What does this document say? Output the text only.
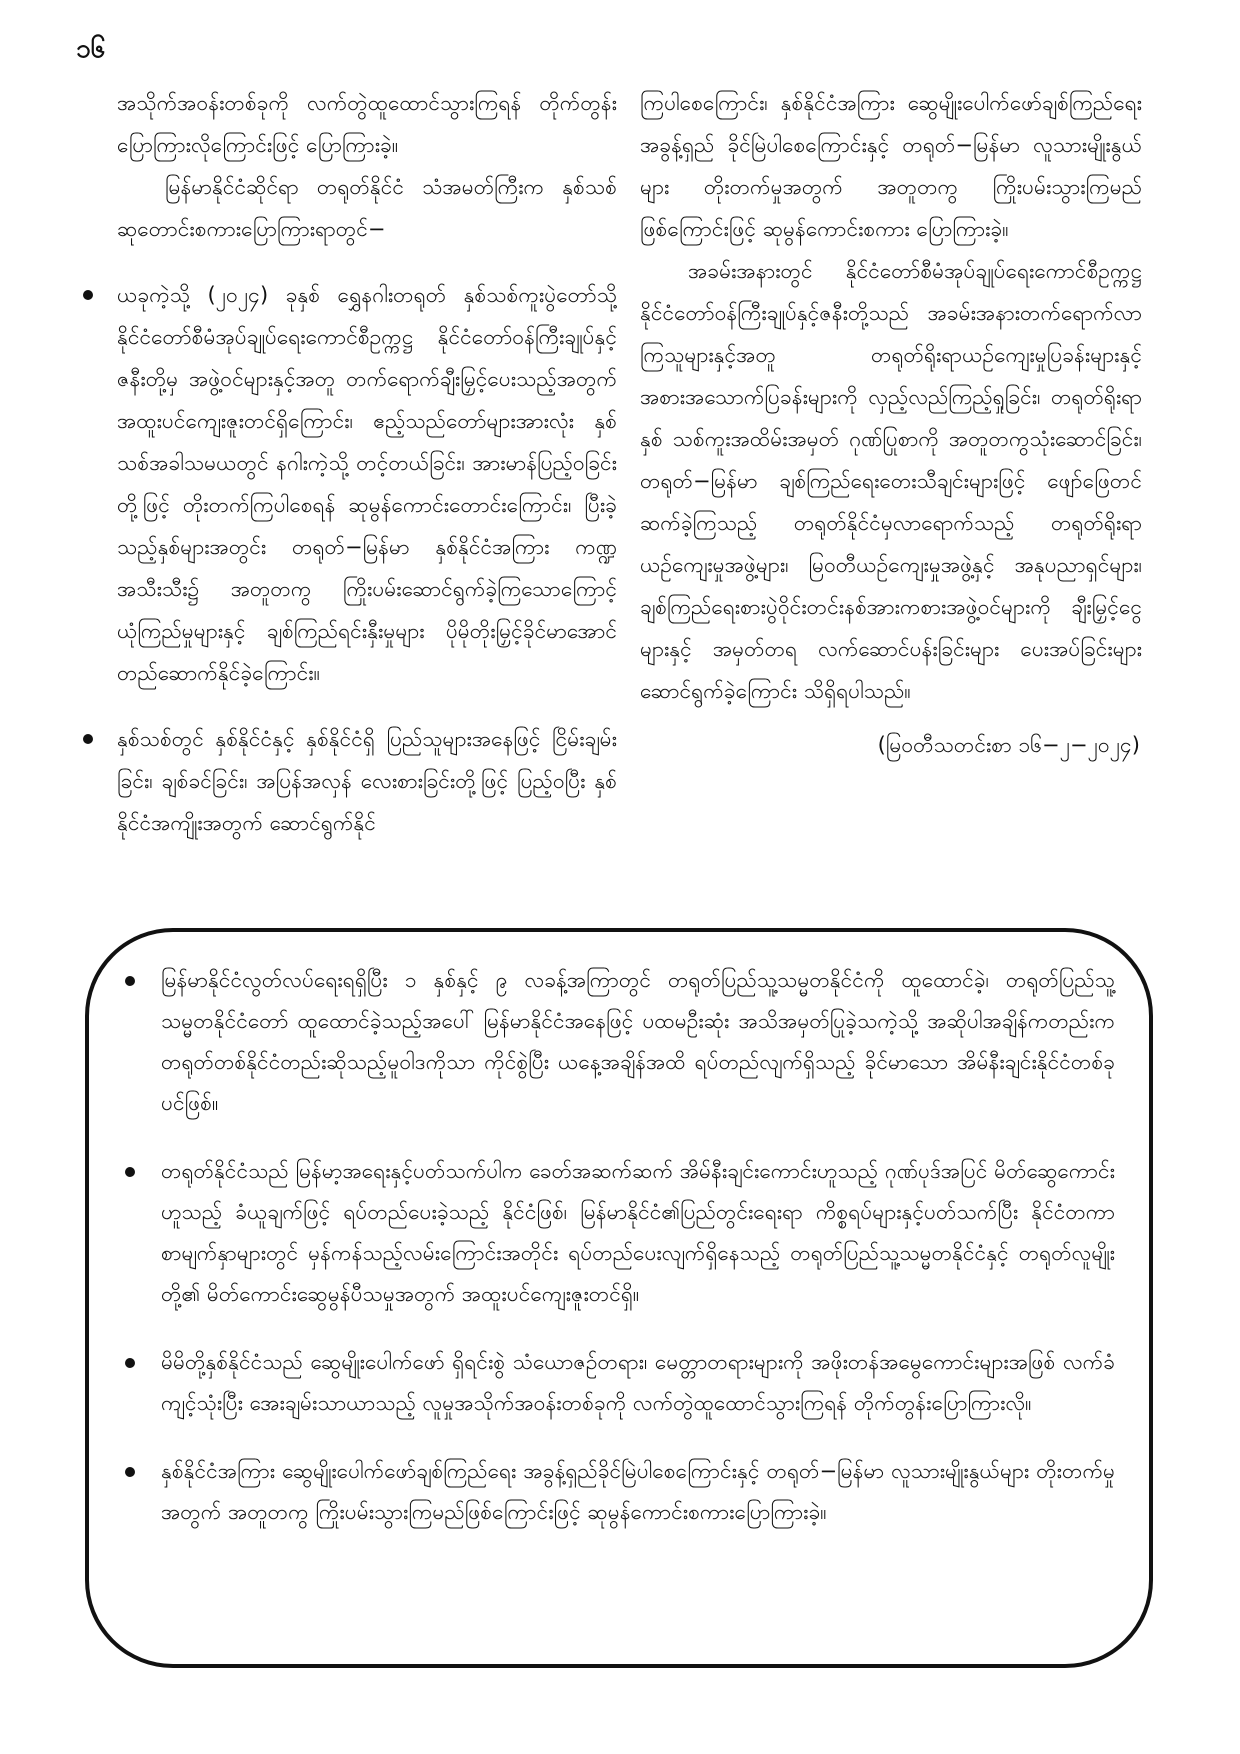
၁၆

အသိုက်အဝန်းတစ်ခုကို လက်တွဲထူထောင်သွားကြရန် တိုက်တွန်းပြောကြားလိုကြောင်းဖြင့် ပြောကြားခဲ့။

မြန်မာနိုင်ငံဆိုင်ရာ တရုတ်နိုင်ငံ သံအမတ်ကြီးက နှစ်သစ်ဆုတောင်းစကားပြောကြားရာတွင်−

ယခုကဲ့သို့ (၂၀၂၄) ခုနှစ် ရွှေနဂါးတရုတ် နှစ်သစ်ကူးပွဲတော်သို့ နိုင်ငံတော်စီမံအုပ်ချုပ်ရေးကောင်စီဥက္ကဋ္ဌ နိုင်ငံတော်ဝန်ကြီးချုပ်နှင့်ဇနီးတို့မှ အဖွဲ့ဝင်များနှင့်အတူ တက်ရောက်ချီးမြှင့်ပေးသည့်အတွက် အထူးပင်ကျေးဇူးတင်ရှိကြောင်း၊ ဧည့်သည်တော်များအားလုံး နှစ်သစ်အခါသမယတွင် နဂါးကဲ့သို့ တင့်တယ်ခြင်း၊ အားမာန်ပြည့်ဝခြင်းတို့ဖြင့် တိုးတက်ကြပါစေရန် ဆုမွန်ကောင်းတောင်းကြောင်း၊ ပြီးခဲ့သည့်နှစ်များအတွင်း တရုတ်−မြန်မာ နှစ်နိုင်ငံအကြား ကဏ္ဍအသီးသီး၌ အတူတကွ ကြိုးပမ်းဆောင်ရွက်ခဲ့ကြသောကြောင့် ယုံကြည်မှုများနှင့် ချစ်ကြည်ရင်းနှီးမှုများ ပိုမိုတိုးမြှင့်ခိုင်မာအောင် တည်ဆောက်နိုင်ခဲ့ကြောင်း။
နှစ်သစ်တွင် နှစ်နိုင်ငံနှင့် နှစ်နိုင်ငံရှိ ပြည်သူများအနေဖြင့် ငြိမ်းချမ်းခြင်း၊ ချစ်ခင်ခြင်း၊ အပြန်အလှန် လေးစားခြင်းတို့ဖြင့် ပြည့်ဝပြီး နှစ်နိုင်ငံအကျိုးအတွက် ဆောင်ရွက်နိုင်

ကြပါစေကြောင်း၊ နှစ်နိုင်ငံအကြား ဆွေမျိုးပေါက်ဖော်ချစ်ကြည်ရေး အခွန့်ရှည် ခိုင်မြဲပါစေကြောင်းနှင့် တရုတ်−မြန်မာ လူသားမျိုးနွယ်များ တိုးတက်မှုအတွက် အတူတကွ ကြိုးပမ်းသွားကြမည်ဖြစ်ကြောင်းဖြင့် ဆုမွန်ကောင်းစကား ပြောကြားခဲ့။

အခမ်းအနားတွင် နိုင်ငံတော်စီမံအုပ်ချုပ်ရေးကောင်စီဥက္ကဋ္ဌ နိုင်ငံတော်ဝန်ကြီးချုပ်နှင့်ဇနီးတို့သည် အခမ်းအနားတက်ရောက်လာကြသူများနှင့်အတူ တရုတ်ရိုးရာယဉ်ကျေးမှုပြခန်းများနှင့် အစားအသောက်ပြခန်းများကို လှည့်လည်ကြည့်ရှုခြင်း၊ တရုတ်ရိုးရာ နှစ် သစ်ကူးအထိမ်းအမှတ် ဂုဏ်ပြုစာကို အတူတကွသုံးဆောင်ခြင်း၊ တရုတ်−မြန်မာ ချစ်ကြည်ရေးတေးသီချင်းများဖြင့် ဖျော်ဖြေတင်ဆက်ခဲ့ကြသည့် တရုတ်နိုင်ငံမှလာရောက်သည့် တရုတ်ရိုးရာ ယဉ်ကျေးမှုအဖွဲ့များ၊ မြဝတီယဉ်ကျေးမှုအဖွဲ့နှင့် အနုပညာရှင်များ၊ ချစ်ကြည်ရေးစားပွဲဝိုင်းတင်းနစ်အားကစားအဖွဲ့ဝင်များကို ချီးမြှင့်ငွေများနှင့် အမှတ်တရ လက်ဆောင်ပန်းခြင်းများ ပေးအပ်ခြင်းများ ဆောင်ရွက်ခဲ့ကြောင်း သိရှိရပါသည်။

(မြဝတီသတင်းစာ ၁၆−၂−၂၀၂၄)
မြန်မာနိုင်ငံလွတ်လပ်ရေးရရှိပြီး ၁ နှစ်နှင့် ၉ လခန့်အကြာတွင် တရုတ်ပြည်သူ့သမ္မတနိုင်ငံကို ထူထောင်ခဲ့၊ တရုတ်ပြည်သူ့သမ္မတနိုင်ငံတော် ထူထောင်ခဲ့သည့်အပေါ် မြန်မာနိုင်ငံအနေဖြင့် ပထမဦးဆုံး အသိအမှတ်ပြုခဲ့သကဲ့သို့ အဆိုပါအချိန်ကတည်းက တရုတ်တစ်နိုင်ငံတည်းဆိုသည့်မူဝါဒကိုသာ ကိုင်စွဲပြီး ယနေ့အချိန်အထိ ရပ်တည်လျက်ရှိသည့် ခိုင်မာသော အိမ်နီးချင်းနိုင်ငံတစ်ခုပင်ဖြစ်။
တရုတ်နိုင်ငံသည် မြန်မာ့အရေးနှင့်ပတ်သက်ပါက ခေတ်အဆက်ဆက် အိမ်နီးချင်းကောင်းဟူသည့် ဂုဏ်ပုဒ်အပြင် မိတ်ဆွေကောင်းဟူသည့် ခံယူချက်ဖြင့် ရပ်တည်ပေးခဲ့သည့် နိုင်ငံဖြစ်၊ မြန်မာနိုင်ငံ၏ပြည်တွင်းရေးရာ ကိစ္စရပ်များနှင့်ပတ်သက်ပြီး နိုင်ငံတကာစာမျက်နှာများတွင် မှန်ကန်သည့်လမ်းကြောင်းအတိုင်း ရပ်တည်ပေးလျက်ရှိနေသည့် တရုတ်ပြည်သူ့သမ္မတနိုင်ငံနှင့် တရုတ်လူမျိုးတို့၏ မိတ်ကောင်းဆွေမွန်ပီသမှုအတွက် အထူးပင်ကျေးဇူးတင်ရှိ။
မိမိတို့နှစ်နိုင်ငံသည် ဆွေမျိုးပေါက်ဖော် ရှိရင်းစွဲ သံယောဇဉ်တရား၊ မေတ္တာတရားများကို အဖိုးတန်အမွေကောင်းများအဖြစ် လက်ခံကျင့်သုံးပြီး အေးချမ်းသာယာသည့် လူမှုအသိုက်အဝန်းတစ်ခုကို လက်တွဲထူထောင်သွားကြရန် တိုက်တွန်းပြောကြားလို။
နှစ်နိုင်ငံအကြား ဆွေမျိုးပေါက်ဖော်ချစ်ကြည်ရေး အခွန့်ရှည်ခိုင်မြဲပါစေကြောင်းနှင့် တရုတ်−မြန်မာ လူသားမျိုးနွယ်များ တိုးတက်မှုအတွက် အတူတကွ ကြိုးပမ်းသွားကြမည်ဖြစ်ကြောင်းဖြင့် ဆုမွန်ကောင်းစကားပြောကြားခဲ့။
